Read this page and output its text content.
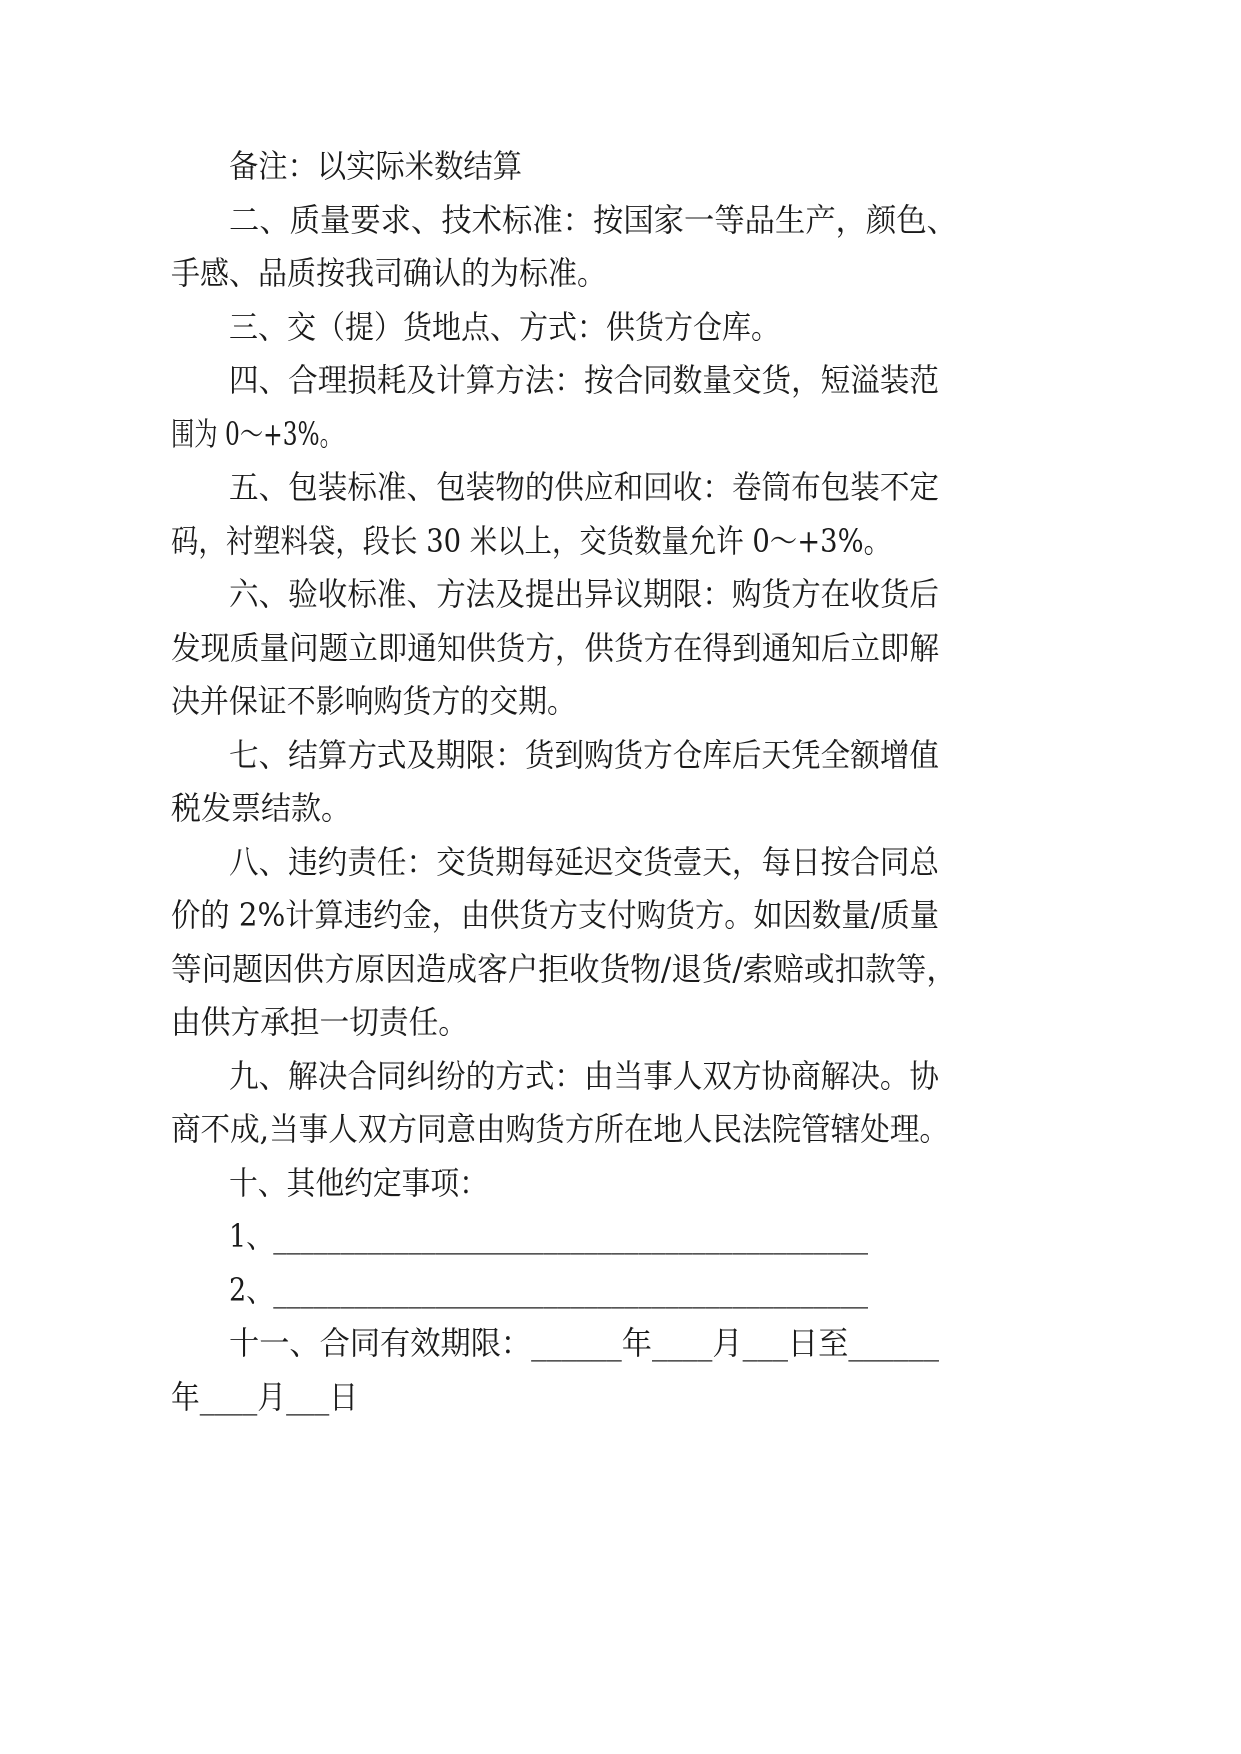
备注：以实际米数结算
二、质量要求、技术标准：按国家一等品生产，颜色、
手感、品质按我司确认的为标准。
三、交（提）货地点、方式：供货方仓库。
四、合理损耗及计算方法：按合同数量交货，短溢装范
围为 0～+3%。
五、包装标准、包装物的供应和回收：卷筒布包装不定
码，衬塑料袋，段长 30 米以上，交货数量允许 0～+3%。
六、验收标准、方法及提出异议期限：购货方在收货后
发现质量问题立即通知供货方，供货方在得到通知后立即解
决并保证不影响购货方的交期。
七、结算方式及期限：货到购货方仓库后天凭全额增值
税发票结款。
八、违约责任：交货期每延迟交货壹天，每日按合同总
价的 2%计算违约金，由供货方支付购货方。如因数量/质量
等问题因供方原因造成客户拒收货物/退货/索赔或扣款等，
由供方承担一切责任。
九、解决合同纠纷的方式：由当事人双方协商解决。协
商不成,当事人双方同意由购货方所在地人民法院管辖处理。
十、其他约定事项：
1、____________________________________________
2、____________________________________________
十一、合同有效期限：______年____月___日至______
年____月___日
